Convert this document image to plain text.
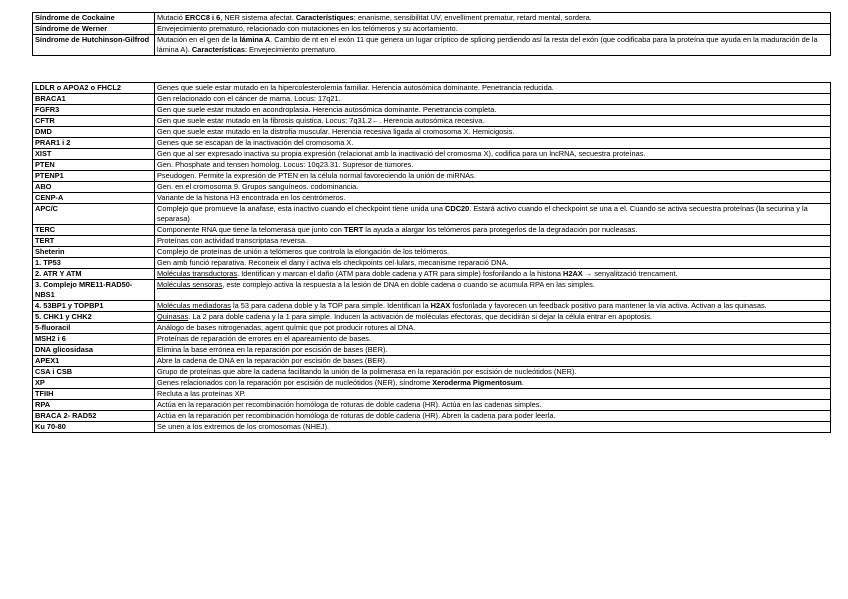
Síndrome de Cockaine	Mutació ERCC8 i 6, NER sistema afectat. Característiques: enanisme, sensibilitat UV, envelliment prematur, retard mental, sordera.
Síndrome de Werner	Envejecimiento prematuro, relacionado con mutaciones en los telómeros y su acortamiento.
Síndrome de Hutchinson-Gilfrod	Mutación en el gen de la lámina A. Cambio de nt en el exón 11 que genera un lugar críptico de splicing perdiendo así la resta del exón (que codificaba para la proteína que ayuda en la maduración de la lámina A). Características: Envejecimiento prematuro.
LDLR o APOA2 o FHCL2	Genes que suele estar mutado en la hipercolesterolemia familiar. Herencia autosómica dominante. Penetrancia reducida.
BRACA1	Gen relacionado con el cáncer de mama. Locus: 17q21.
FGFR3	Gen que suele estar mutado en acondroplasia. Herencia autosómica dominante. Penetrancia completa.
CFTR	Gen que suele estar mutado en la fibrosis quística. Locus: 7q31.2←. Herencia autosómica recesiva.
DMD	Gen que suele estar mutado en la distrofia muscular. Herencia recesiva ligada al cromosoma X. Hemicigosis.
PRAR1 i 2	Genes que se escapan de la inactivación del cromosoma X.
XIST	Gen que al ser expresado inactiva su propia expresión (relacionat amb la inactivació del cromosma X), codifica para un lncRNA, secuestra proteínas.
PTEN	Gen. Phosphate and tensen homolog. Locus: 10q23.31. Supresor de tumores.
PTENP1	Pseudogen. Permite la expresión de PTEN en la célula normal favoreciendo la unión de miRNAs.
ABO	Gen. en el cromosoma 9. Grupos sanguíneos. codominancia.
CENP-A	Variante de la histona H3 encontrada en los centrómeros.
APC/C	Complejo que promueve la anafase, esta inactivo cuando el checkpoint tiene unida una CDC20. Estará activo cuando el checkpoint se una a el. Cuando se activa secuestra proteínas (la securina y la separasa)
TERC	Componente RNA que tiene la telomerasa que junto con TERT la ayuda a alargar los telómeros para protegerlos de la degradación por nucleasas.
TERT	Proteínas con actividad transcriptasa reversa.
Sheterin	Complejo de proteínas de unión a telómeros que controla la elongación de los telómeros.
1. TP53	Gen amb funció reparativa. Reconeix el dany i activa els checkpoints cel·lulars, mecanisme reparació DNA.
2. ATR Y ATM	Moléculas transductoras. Identifican y marcan el daño (ATM para doble cadena y ATR para simple) fosforilando a la histona H2AX → senyalització trencament.
3. Complejo MRE11-RAD50-NBS1	Moléculas sensoras, este complejo activa la respuesta a la lesión de DNA en doble cadena o cuando se acumula RPA en las simples.
4. 53BP1 y TOPBP1	Moléculas mediadoras la 53 para cadena doble y la TOP para simple. Identifican la H2AX fosforilada y favorecen un feedback positivo para mantener la vía activa. Activan a las quinasas.
5. CHK1 y CHK2	Quinasas. La 2 para doble cadena y la 1 para simple. Inducen la activación de moléculas efectoras, que decidirán si dejar la célula entrar en apoptosis.
5-fluoracil	Análogo de bases nitrogenadas, agent químic que pot producir rotures al DNA.
MSH2 i 6	Proteínas de reparación de errores en el apareamiento de bases.
DNA glicosidasa	Elimina la base errónea en la reparación por escisión de bases (BER).
APEX1	Abre la cadena de DNA en la reparación por escisión de bases (BER).
CSA i CSB	Grupo de proteínas que abre la cadena facilitando la unión de la polimerasa en la reparación por escisión de nucleótidos (NER).
XP	Genes relacionados con la reparación por escisión de nucleótidos (NER), síndrome Xeroderma Pigmentosum.
TFIIH	Recluta a las proteínas XP.
RPA	Actúa en la reparación per recombinación homóloga de roturas de doble cadena (HR). Actúa en las cadenas simples.
BRACA 2- RAD52	Actúa en la reparación per recombinación homóloga de roturas de doble cadena (HR). Abren la cadena para poder leerla.
Ku 70-80	Se unen a los extremos de los cromosomas (NHEJ).
